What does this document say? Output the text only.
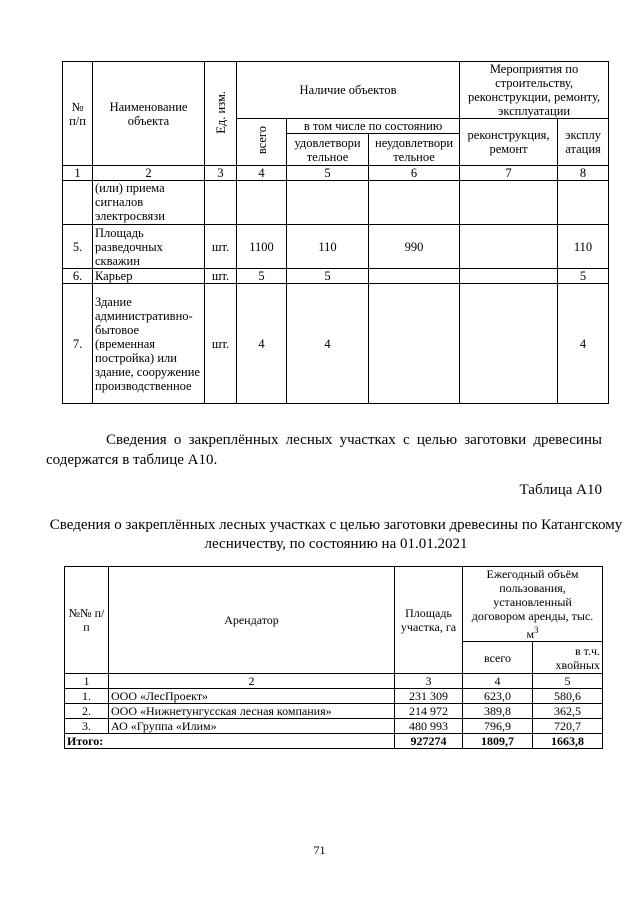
№ п/п	Наименование объекта	Ед. изм.	Наличие объектов			Мероприятия по строительству, реконструкции, ремонту, эксплуатации	
			всего	в том числе по состоянию		реконструкция, ремонт	эксплу атация
				удовлетвори тельное	неудовлетвори тельное		
1	2	3	4	5	6	7	8
	(или) приема сигналов электросвязи						
5.	Площадь разведочных скважин	шт.	1100	110	990		110
6.	Карьер	шт.	5	5			5
7.	Здание административно-бытовое (временная постройка) или здание, сооружение производственное	шт.	4	4			4
Сведения о закреплённых лесных участках с целью заготовки древесины содержатся в таблице А10.
Таблица А10
Сведения о закреплённых лесных участках с целью заготовки древесины по Катангскому лесничеству, по состоянию на 01.01.2021
№№ п/п	Арендатор	Площадь участка, га	Ежегодный объём пользования, установленный договором аренды, тыс. $м^3$
			всего	в т.ч. хвойных
1	2	3	4	5
1.	ООО «ЛесПроект»	231 309	623,0	580,6
2.	ООО «Нижнетунгусская лесная компания»	214 972	389,8	362,5
3.	АО «Группа «Илим»	480 993	796,9	720,7
Итого:		927274	1809,7	1663,8
71
